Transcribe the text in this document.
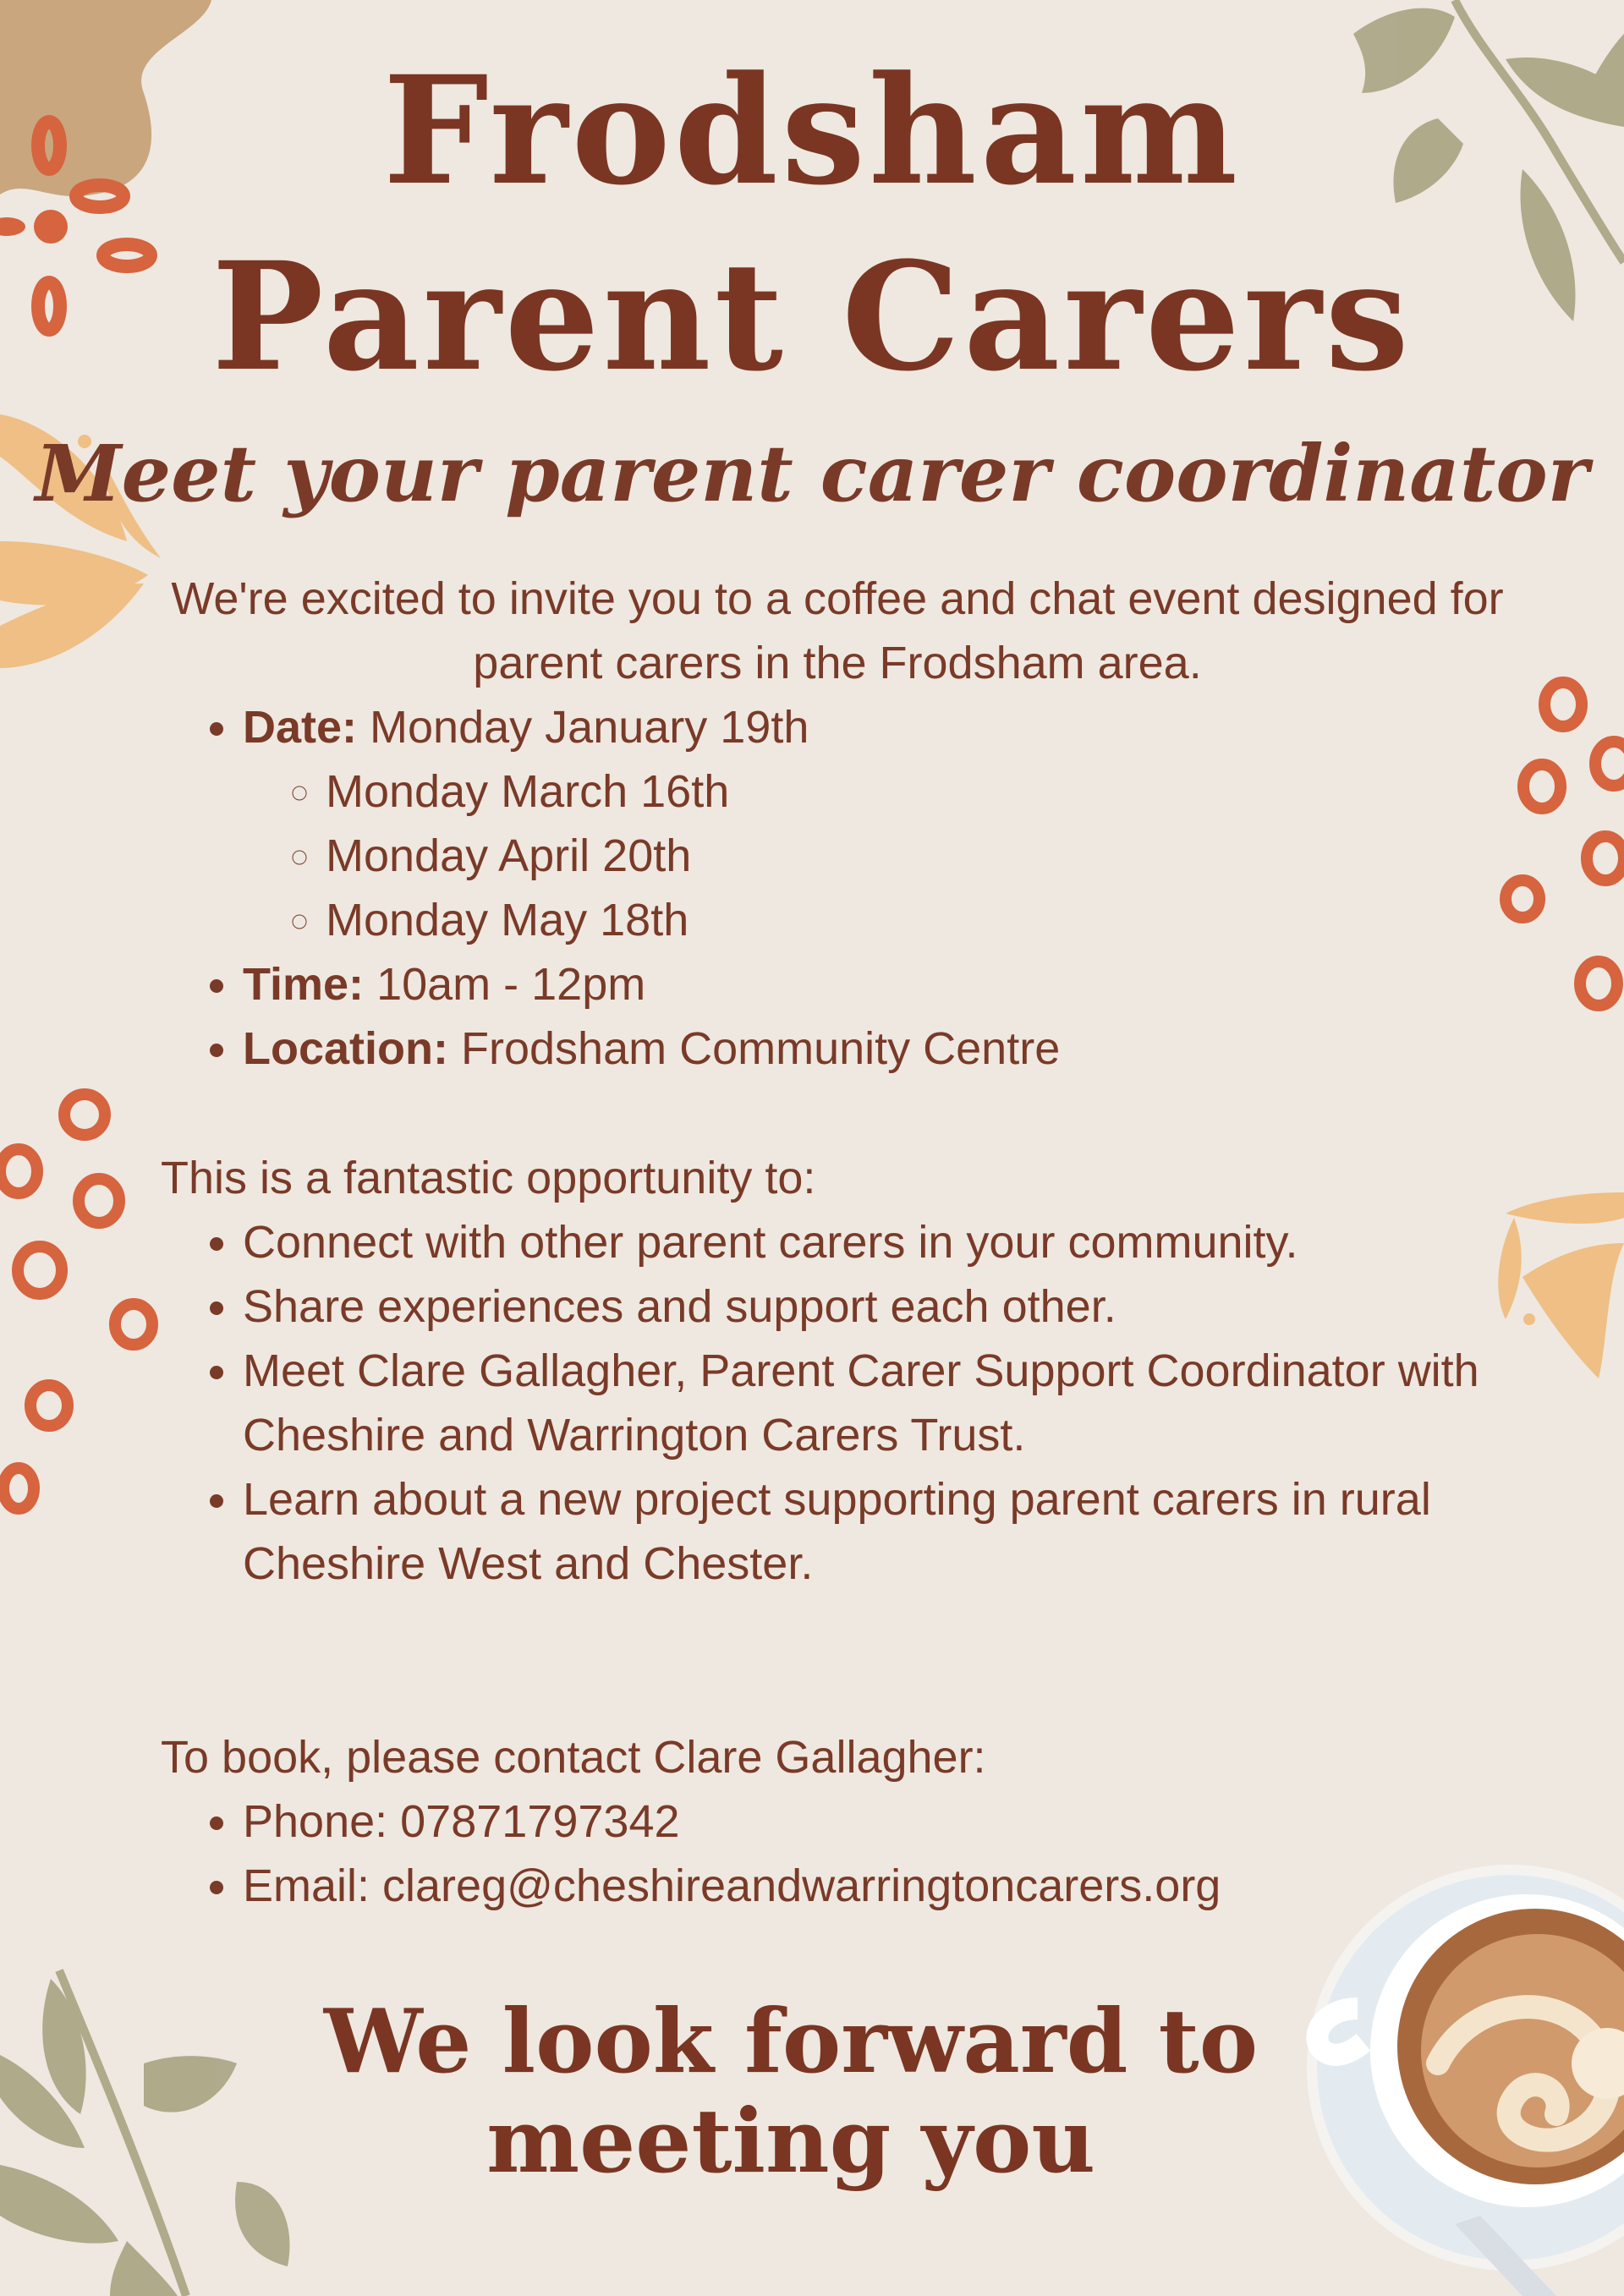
Frodsham
Parent Carers
Meet your parent carer coordinator

We're excited to invite you to a coffee and chat event designed for parent carers in the Frodsham area.

• Date: Monday January 19th
◦ Monday March 16th
◦ Monday April 20th
◦ Monday May 18th
• Time: 10am - 12pm
• Location: Frodsham Community Centre

This is a fantastic opportunity to:

• Connect with other parent carers in your community.
• Share experiences and support each other.
• Meet Clare Gallagher, Parent Carer Support Coordinator with Cheshire and Warrington Carers Trust.
• Learn about a new project supporting parent carers in rural Cheshire West and Chester.

To book, please contact Clare Gallagher:

• Phone: 07871797342
• Email: clareg@cheshireandwarringtoncarers.org

We look forward to meeting you
